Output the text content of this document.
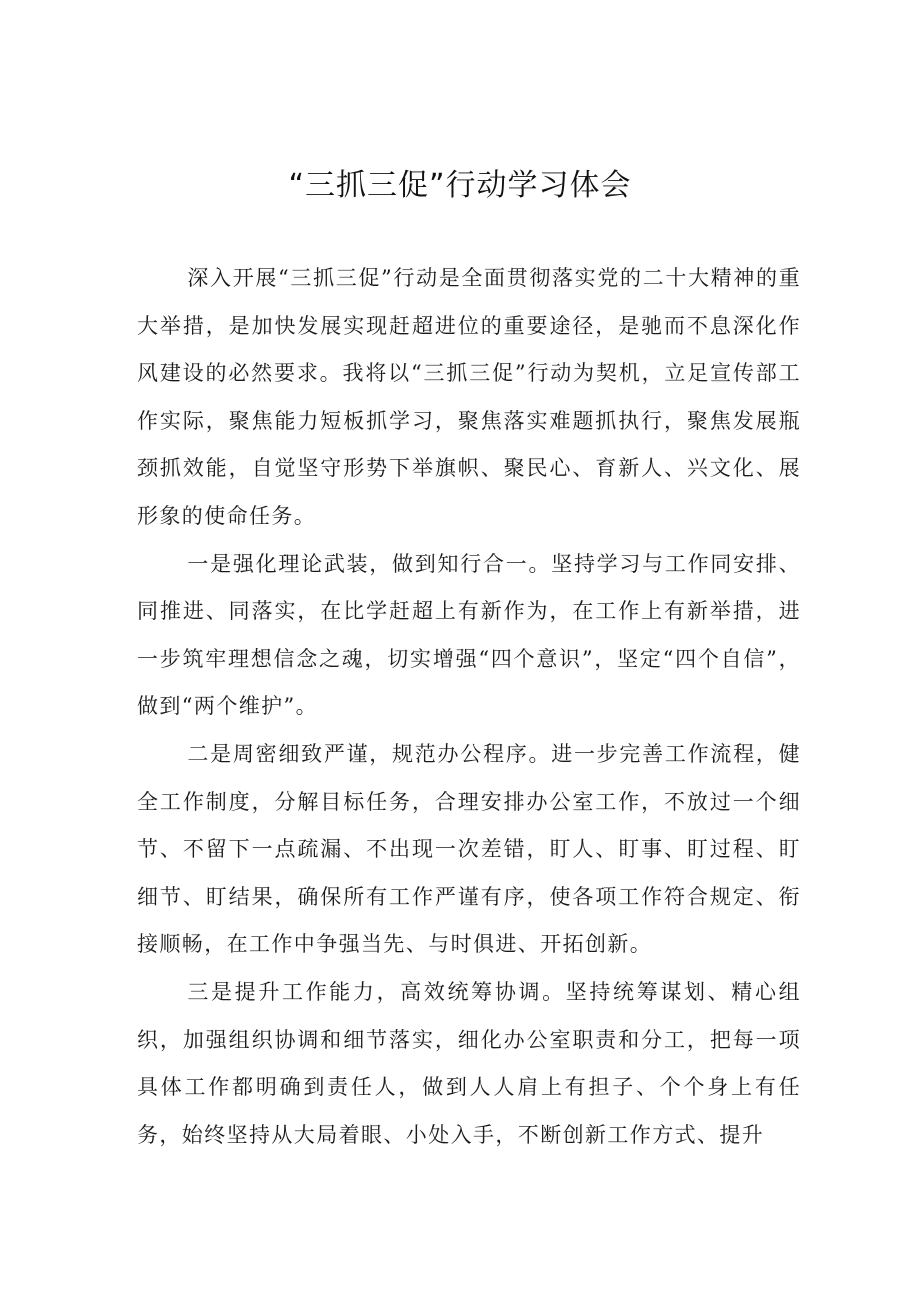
“三抓三促”行动学习体会

深入开展“三抓三促”行动是全面贯彻落实党的二十大精神的重大举措，是加快发展实现赶超进位的重要途径，是驰而不息深化作风建设的必然要求。我将以“三抓三促”行动为契机，立足宣传部工作实际，聚焦能力短板抓学习，聚焦落实难题抓执行，聚焦发展瓶颈抓效能，自觉坚守形势下举旗帜、聚民心、育新人、兴文化、展形象的使命任务。

一是强化理论武装，做到知行合一。坚持学习与工作同安排、同推进、同落实，在比学赶超上有新作为，在工作上有新举措，进一步筑牢理想信念之魂，切实增强“四个意识”，坚定“四个自信”，做到“两个维护”。

二是周密细致严谨，规范办公程序。进一步完善工作流程，健全工作制度，分解目标任务，合理安排办公室工作，不放过一个细节、不留下一点疏漏、不出现一次差错，盯人、盯事、盯过程、盯细节、盯结果，确保所有工作严谨有序，使各项工作符合规定、衔接顺畅，在工作中争强当先、与时俱进、开拓创新。

三是提升工作能力，高效统筹协调。坚持统筹谋划、精心组织，加强组织协调和细节落实，细化办公室职责和分工，把每一项具体工作都明确到责任人，做到人人肩上有担子、个个身上有任务，始终坚持从大局着眼、小处入手，不断创新工作方式、提升
